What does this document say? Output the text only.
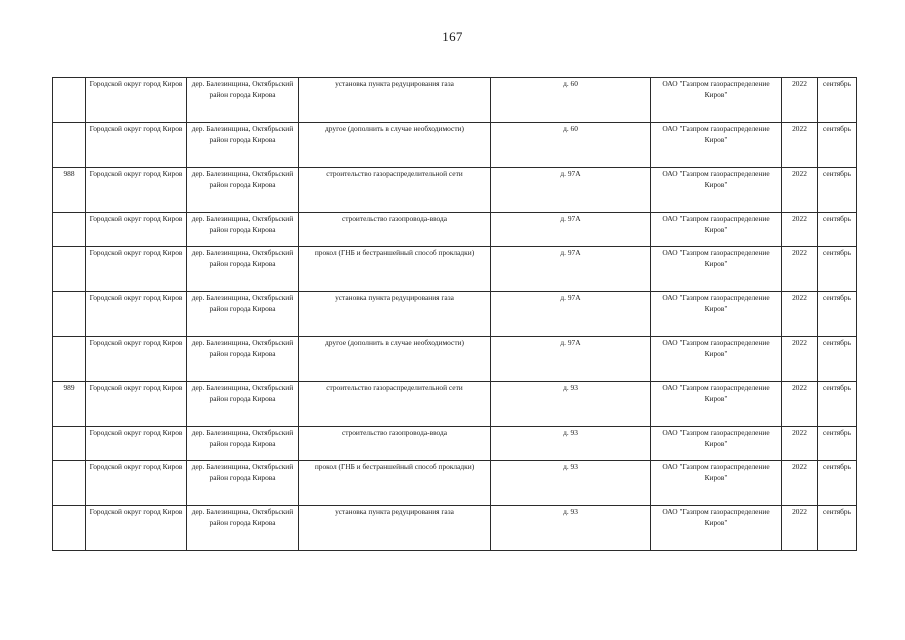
167

	Городской округ город Киров	дер. Балезинщина, Октябрьский район города Кирова	установка пункта редуцирования газа	д. 60	ОАО "Газпром газораспределение Киров"	2022	сентябрь

	Городской округ город Киров	дер. Балезинщина, Октябрьский район города Кирова	другое (дополнить в случае необходимости)	д. 60	ОАО "Газпром газораспределение Киров"	2022	сентябрь

988	Городской округ город Киров	дер. Балезинщина, Октябрьский район города Кирова	строительство газораспределительной сети	д. 97А	ОАО "Газпром газораспределение Киров"	2022	сентябрь

	Городской округ город Киров	дер. Балезинщина, Октябрьский район города Кирова	строительство газопровода-ввода	д. 97А	ОАО "Газпром газораспределение Киров"	2022	сентябрь

	Городской округ город Киров	дер. Балезинщина, Октябрьский район города Кирова	прокол (ГНБ и бестраншейный способ прокладки)	д. 97А	ОАО "Газпром газораспределение Киров"	2022	сентябрь

	Городской округ город Киров	дер. Балезинщина, Октябрьский район города Кирова	установка пункта редуцирования газа	д. 97А	ОАО "Газпром газораспределение Киров"	2022	сентябрь

	Городской округ город Киров	дер. Балезинщина, Октябрьский район города Кирова	другое (дополнить в случае необходимости)	д. 97А	ОАО "Газпром газораспределение Киров"	2022	сентябрь

989	Городской округ город Киров	дер. Балезинщина, Октябрьский район города Кирова	строительство газораспределительной сети	д. 93	ОАО "Газпром газораспределение Киров"	2022	сентябрь

	Городской округ город Киров	дер. Балезинщина, Октябрьский район города Кирова	строительство газопровода-ввода	д. 93	ОАО "Газпром газораспределение Киров"	2022	сентябрь

	Городской округ город Киров	дер. Балезинщина, Октябрьский район города Кирова	прокол (ГНБ и бестраншейный способ прокладки)	д. 93	ОАО "Газпром газораспределение Киров"	2022	сентябрь

	Городской округ город Киров	дер. Балезинщина, Октябрьский район города Кирова	установка пункта редуцирования газа	д. 93	ОАО "Газпром газораспределение Киров"	2022	сентябрь
